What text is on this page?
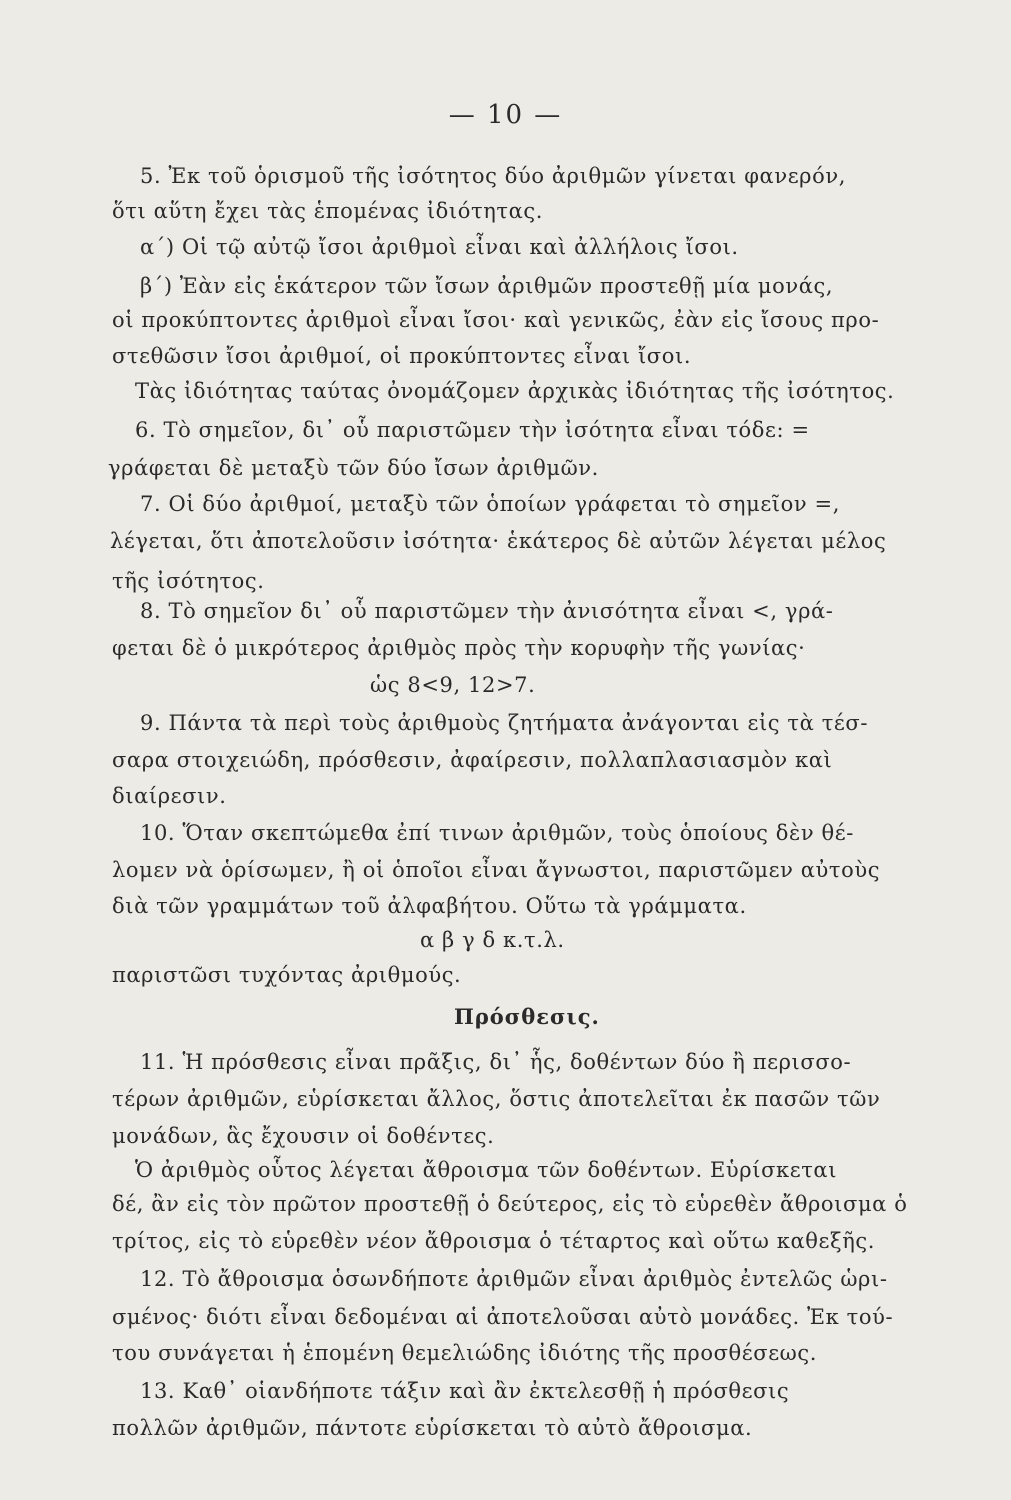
— 10 —
5. Ἐκ τοῦ ὁρισμοῦ τῆς ἰσότητος δύο ἀριθμῶν γίνεται φανερόν,
ὅτι αὕτη ἔχει τὰς ἑπομένας ἰδιότητας.
α΄) Οἱ τῷ αὐτῷ ἴσοι ἀριθμοὶ εἶναι καὶ ἀλλήλοις ἴσοι.
β΄) Ἐὰν εἰς ἑκάτερον τῶν ἴσων ἀριθμῶν προστεθῇ μία μονάς,
οἱ προκύπτοντες ἀριθμοὶ εἶναι ἴσοι· καὶ γενικῶς, ἐὰν εἰς ἴσους προ-
στεθῶσιν ἴσοι ἀριθμοί, οἱ προκύπτοντες εἶναι ἴσοι.
Τὰς ἰδιότητας ταύτας ὀνομάζομεν ἀρχικὰς ἰδιότητας τῆς ἰσότητος.
6. Τὸ σημεῖον, δι᾽ οὗ παριστῶμεν τὴν ἰσότητα εἶναι τόδε: =
γράφεται δὲ μεταξὺ τῶν δύο ἴσων ἀριθμῶν.
7. Οἱ δύο ἀριθμοί, μεταξὺ τῶν ὁποίων γράφεται τὸ σημεῖον =,
λέγεται, ὅτι ἀποτελοῦσιν ἰσότητα· ἑκάτερος δὲ αὐτῶν λέγεται μέλος
τῆς ἰσότητος.
8. Τὸ σημεῖον δι᾽ οὗ παριστῶμεν τὴν ἀνισότητα εἶναι <, γρά-
φεται δὲ ὁ μικρότερος ἀριθμὸς πρὸς τὴν κορυφὴν τῆς γωνίας·
ὡς 8<9, 12>7.
9. Πάντα τὰ περὶ τοὺς ἀριθμοὺς ζητήματα ἀνάγονται εἰς τὰ τέσ-
σαρα στοιχειώδη, πρόσθεσιν, ἀφαίρεσιν, πολλαπλασιασμὸν καὶ
διαίρεσιν.
10. Ὅταν σκεπτώμεθα ἐπί τινων ἀριθμῶν, τοὺς ὁποίους δὲν θέ-
λομεν νὰ ὁρίσωμεν, ἢ οἱ ὁποῖοι εἶναι ἄγνωστοι, παριστῶμεν αὐτοὺς
διὰ τῶν γραμμάτων τοῦ ἀλφαβήτου. Οὕτω τὰ γράμματα.
α β γ δ κ.τ.λ.
παριστῶσι τυχόντας ἀριθμούς.
Πρόσθεσις.
11. Ἡ πρόσθεσις εἶναι πρᾶξις, δι᾽ ἧς, δοθέντων δύο ἢ περισσο-
τέρων ἀριθμῶν, εὑρίσκεται ἄλλος, ὅστις ἀποτελεῖται ἐκ πασῶν τῶν
μονάδων, ἃς ἔχουσιν οἱ δοθέντες.
Ὁ ἀριθμὸς οὗτος λέγεται ἄθροισμα τῶν δοθέντων. Εὑρίσκεται
δέ, ἂν εἰς τὸν πρῶτον προστεθῇ ὁ δεύτερος, εἰς τὸ εὑρεθὲν ἄθροισμα ὁ
τρίτος, εἰς τὸ εὑρεθὲν νέον ἄθροισμα ὁ τέταρτος καὶ οὕτω καθεξῆς.
12. Τὸ ἄθροισμα ὁσωνδήποτε ἀριθμῶν εἶναι ἀριθμὸς ἐντελῶς ὡρι-
σμένος· διότι εἶναι δεδομέναι αἱ ἀποτελοῦσαι αὐτὸ μονάδες. Ἐκ τού-
του συνάγεται ἡ ἑπομένη θεμελιώδης ἰδιότης τῆς προσθέσεως.
13. Καθ᾽ οἱανδήποτε τάξιν καὶ ἂν ἐκτελεσθῇ ἡ πρόσθεσις
πολλῶν ἀριθμῶν, πάντοτε εὑρίσκεται τὸ αὐτὸ ἄθροισμα.
